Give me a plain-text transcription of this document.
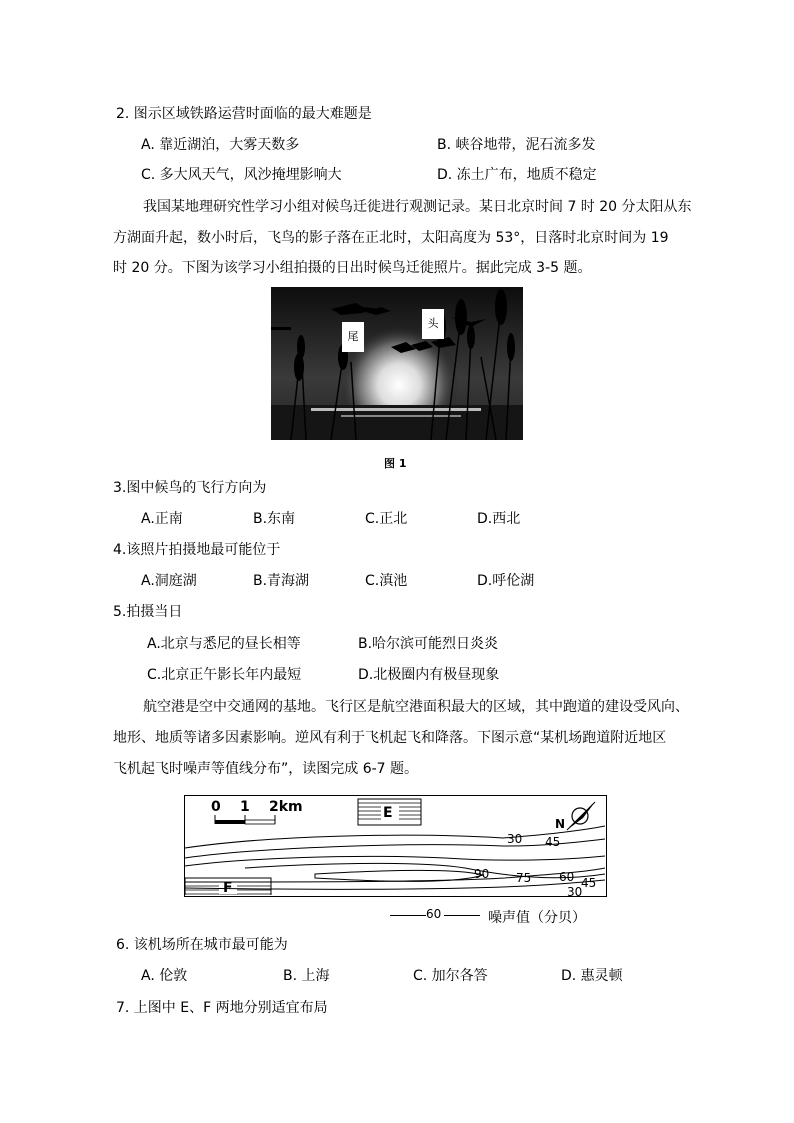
2. 图示区域铁路运营时面临的最大难题是
A. 靠近湖泊，大雾天数多	B. 峡谷地带，泥石流多发
C. 多大风天气，风沙掩埋影响大	D. 冻土广布，地质不稳定
我国某地理研究性学习小组对候鸟迁徙进行观测记录。某日北京时间 7 时 20 分太阳从东
方湖面升起，数小时后，飞鸟的影子落在正北时，太阳高度为 53°，日落时北京时间为 19
时 20 分。下图为该学习小组拍摄的日出时候鸟迁徙照片。据此完成 3-5 题。
尾
头
图 1
3.图中候鸟的飞行方向为
A.正南	B.东南	C.正北	D.西北
4.该照片拍摄地最可能位于
A.洞庭湖	B.青海湖	C.滇池	D.呼伦湖
5.拍摄当日
A.北京与悉尼的昼长相等	B.哈尔滨可能烈日炎炎
C.北京正午影长年内最短	D.北极圈内有极昼现象
航空港是空中交通网的基地。飞行区是航空港面积最大的区域，其中跑道的建设受风向、
地形、地质等诸多因素影响。逆风有利于飞机起飞和降落。下图示意“某机场跑道附近地区
飞机起飞时噪声等值线分布”，读图完成 6-7 题。
0 1 2km	E
F
N
30 45
90 75 60 45
30
60	噪声值（分贝）
6. 该机场所在城市最可能为
A. 伦敦	B. 上海	C. 加尔各答	D. 惠灵顿
7. 上图中 E、F 两地分别适宜布局
